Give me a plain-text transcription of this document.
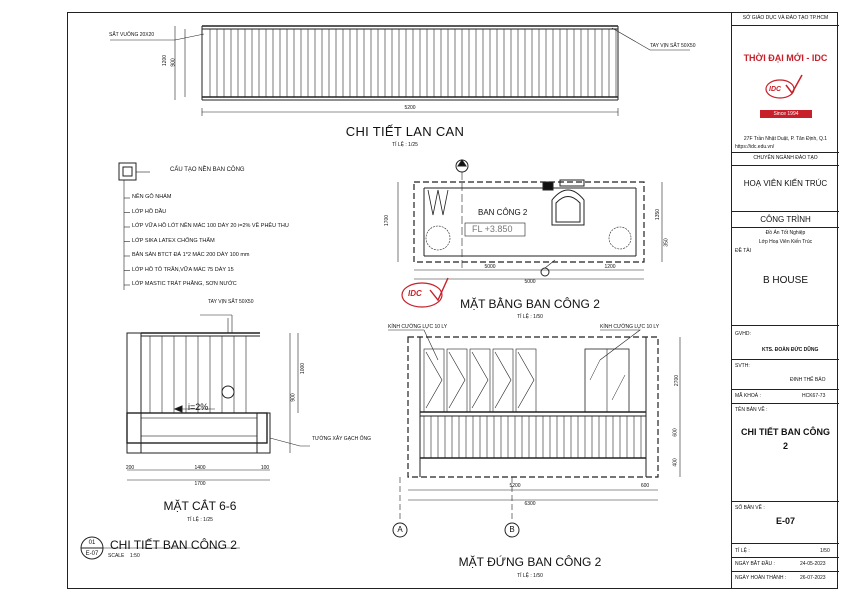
SẮT VUÔNG 20X20
TAY VỊN SẮT 50X50
5200
1200 900
CHI TIẾT LAN CAN
TỈ LỆ : 1/25
CẤU TẠO NỀN BAN CÔNG
NỀN GỖ NHÁM
LỚP HỒ DẦU
LỚP VỮA HỒ LÓT NỀN MÁC 100 DÀY 20 i=2% VỀ PHỄU THU
LỚP SIKA LATEX CHỐNG THẤM
BẢN SÀN BTCT ĐÁ 1*2 MÁC 200 DÀY 100 mm
LỚP HỒ TÔ TRẦN,VỮA MÁC 75 DÀY 15
LỚP MASTIC TRÁT PHẲNG, SƠN NƯỚC
BAN CÔNG 2
FL +3.850
5000	1200
5000
1700
1350
350
MẶT BẰNG BAN CÔNG 2
TỈ LỆ : 1/50
IDC
TAY VỊN SẮT 50X50
TƯỜNG XÂY GẠCH ỐNG
i=2%
200	1400	100
1700
1000
900
MẶT CẮT 6-6
TỈ LỆ : 1/25
KÍNH CƯỜNG LỰC 10 LY	KÍNH CƯỜNG LỰC 10 LY
5200	600
6300
2700
600
400
A	B
MẶT ĐỨNG BAN CÔNG 2
TỈ LỆ : 1/50
01
E-07
CHI TIẾT BAN CÔNG 2
SCALE 1:50
SỞ GIÁO DỤC VÀ ĐÀO TẠO TP.HCM
THỜI ĐẠI MỚI - IDC
IDC
Since 1994
27F Trần Nhật Duật, P. Tân Định, Q.1
https://idc.edu.vn/
CHUYÊN NGÀNH ĐÀO TẠO
HOẠ VIÊN KIẾN TRÚC
CÔNG TRÌNH
Đồ Án Tốt Nghiệp
Lớp Hoạ Viên Kiến Trúc
ĐỀ TÀI
B HOUSE
GVHD:
KTS. ĐOÀN ĐỨC DŨNG
SVTH:
ĐINH THẾ BẢO
MÃ KHOÁ :	HCK67-73
TÊN BẢN VẼ :
CHI TIẾT BAN CÔNG
2
SỐ BẢN VẼ :
E-07
TỈ LỆ :	1/50
NGÀY BẮT ĐẦU :	24-05-2023
NGÀY HOÀN THÀNH :	26-07-2023
